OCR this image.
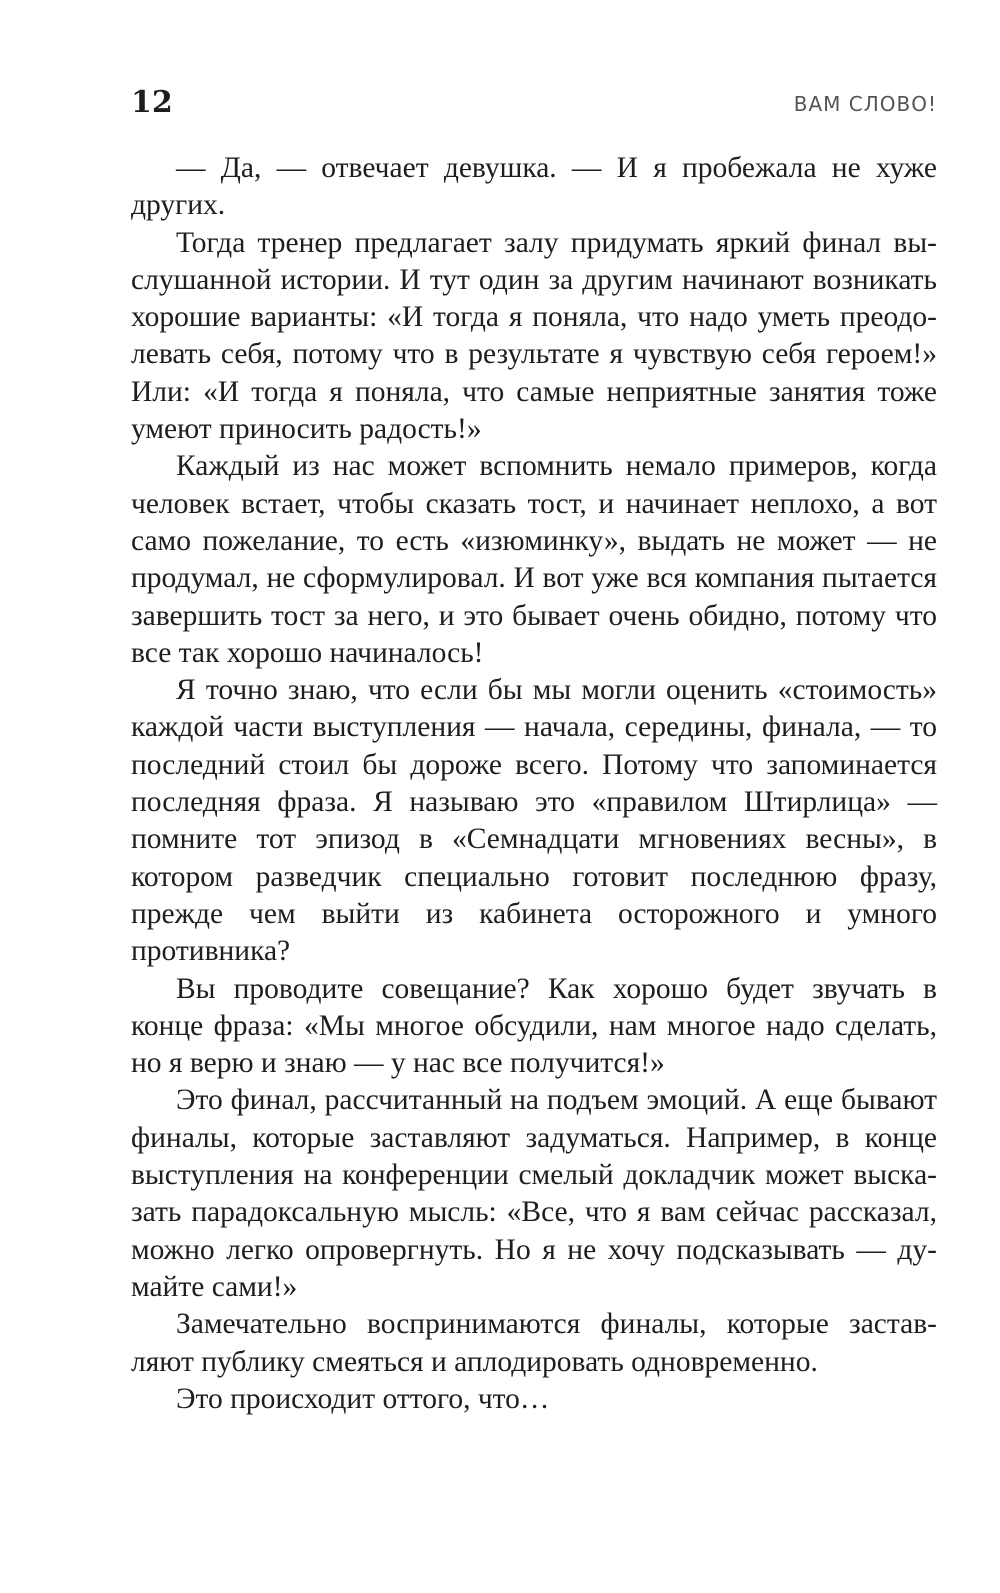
12	ВАМ СЛОВО!

— Да, — отвечает девушка. — И я пробежала не хуже других.

Тогда тренер предлагает залу придумать яркий финал выслушанной истории. И тут один за другим начинают возникать хорошие варианты: «И тогда я поняла, что надо уметь преодолевать себя, потому что в результате я чувствую себя героем!» Или: «И тогда я поняла, что самые неприятные занятия тоже умеют приносить радость!»

Каждый из нас может вспомнить немало примеров, когда человек встает, чтобы сказать тост, и начинает неплохо, а вот само пожелание, то есть «изюминку», выдать не может — не продумал, не сформулировал. И вот уже вся компания пытается завершить тост за него, и это бывает очень обидно, потому что все так хорошо начиналось!

Я точно знаю, что если бы мы могли оценить «стоимость» каждой части выступления — начала, середины, финала, — то последний стоил бы дороже всего. Потому что запоминается последняя фраза. Я называю это «правилом Штирлица» — помните тот эпизод в «Семнадцати мгновениях весны», в котором разведчик специально готовит последнюю фразу, прежде чем выйти из кабинета осторожного и умного противника?

Вы проводите совещание? Как хорошо будет звучать в конце фраза: «Мы многое обсудили, нам многое надо сделать, но я верю и знаю — у нас все получится!»

Это финал, рассчитанный на подъем эмоций. А еще бывают финалы, которые заставляют задуматься. Например, в конце выступления на конференции смелый докладчик может высказать парадоксальную мысль: «Все, что я вам сейчас рассказал, можно легко опровергнуть. Но я не хочу подсказывать — думайте сами!»

Замечательно воспринимаются финалы, которые заставляют публику смеяться и аплодировать одновременно.

Это происходит оттого, что…
